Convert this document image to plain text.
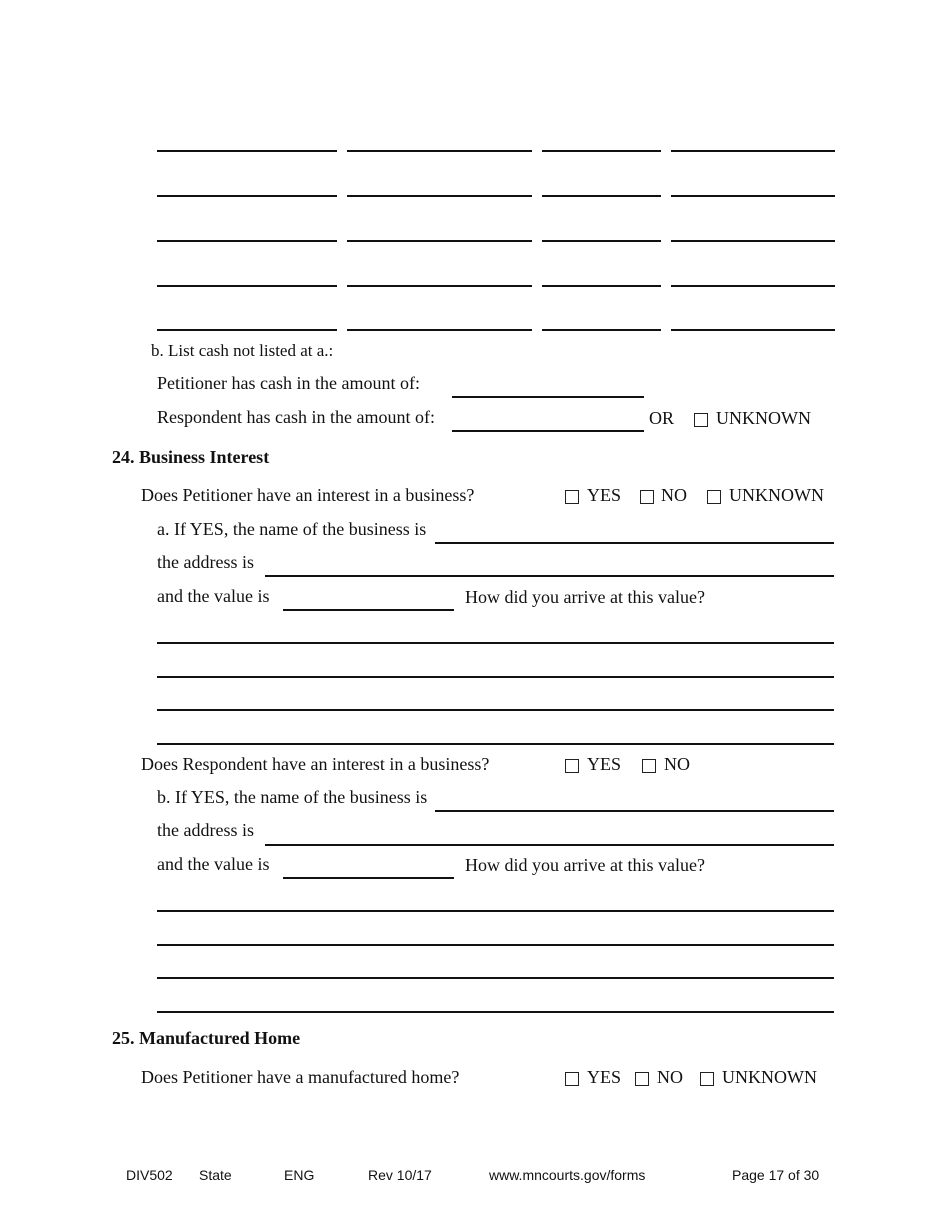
b. List cash not listed at a.:
Petitioner has cash in the amount of:
Respondent has cash in the amount of:	OR UNKNOWN
24. Business Interest
Does Petitioner have an interest in a business?	YES NO UNKNOWN
a. If YES, the name of the business is
the address is
and the value is	How did you arrive at this value?
Does Respondent have an interest in a business?	YES NO
b. If YES, the name of the business is
the address is
and the value is	How did you arrive at this value?
25. Manufactured Home
Does Petitioner have a manufactured home?	YES NO UNKNOWN
DIV502 State	ENG	Rev 10/17	www.mncourts.gov/forms	Page 17 of 30
